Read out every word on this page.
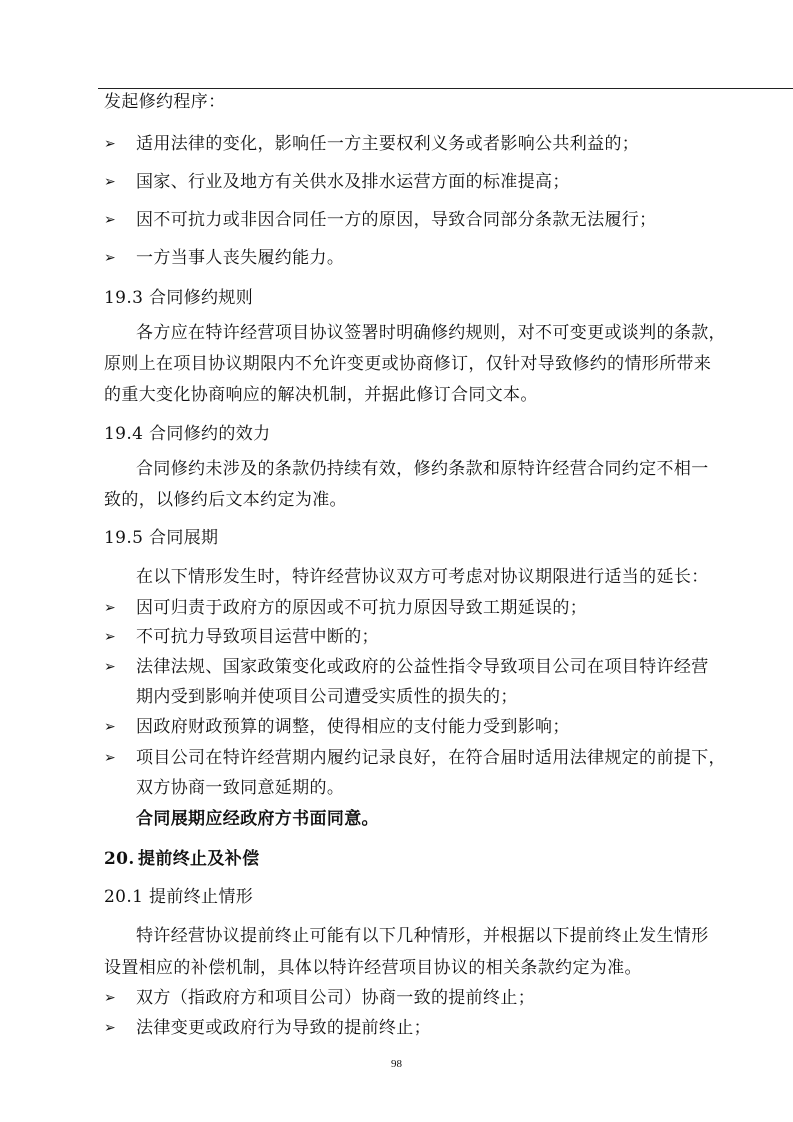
发起修约程序：
➢ 适用法律的变化，影响任一方主要权利义务或者影响公共利益的；
➢ 国家、行业及地方有关供水及排水运营方面的标准提高；
➢ 因不可抗力或非因合同任一方的原因，导致合同部分条款无法履行；
➢ 一方当事人丧失履约能力。
19.3 合同修约规则
各方应在特许经营项目协议签署时明确修约规则，对不可变更或谈判的条款，
原则上在项目协议期限内不允许变更或协商修订，仅针对导致修约的情形所带来
的重大变化协商响应的解决机制，并据此修订合同文本。
19.4 合同修约的效力
合同修约未涉及的条款仍持续有效，修约条款和原特许经营合同约定不相一
致的，以修约后文本约定为准。
19.5 合同展期
在以下情形发生时，特许经营协议双方可考虑对协议期限进行适当的延长：
➢ 因可归责于政府方的原因或不可抗力原因导致工期延误的；
➢ 不可抗力导致项目运营中断的；
➢ 法律法规、国家政策变化或政府的公益性指令导致项目公司在项目特许经营
期内受到影响并使项目公司遭受实质性的损失的；
➢ 因政府财政预算的调整，使得相应的支付能力受到影响；
➢ 项目公司在特许经营期内履约记录良好，在符合届时适用法律规定的前提下，
双方协商一致同意延期的。
合同展期应经政府方书面同意。
20. 提前终止及补偿
20.1 提前终止情形
特许经营协议提前终止可能有以下几种情形，并根据以下提前终止发生情形
设置相应的补偿机制，具体以特许经营项目协议的相关条款约定为准。
➢ 双方（指政府方和项目公司）协商一致的提前终止；
➢ 法律变更或政府行为导致的提前终止；
98
